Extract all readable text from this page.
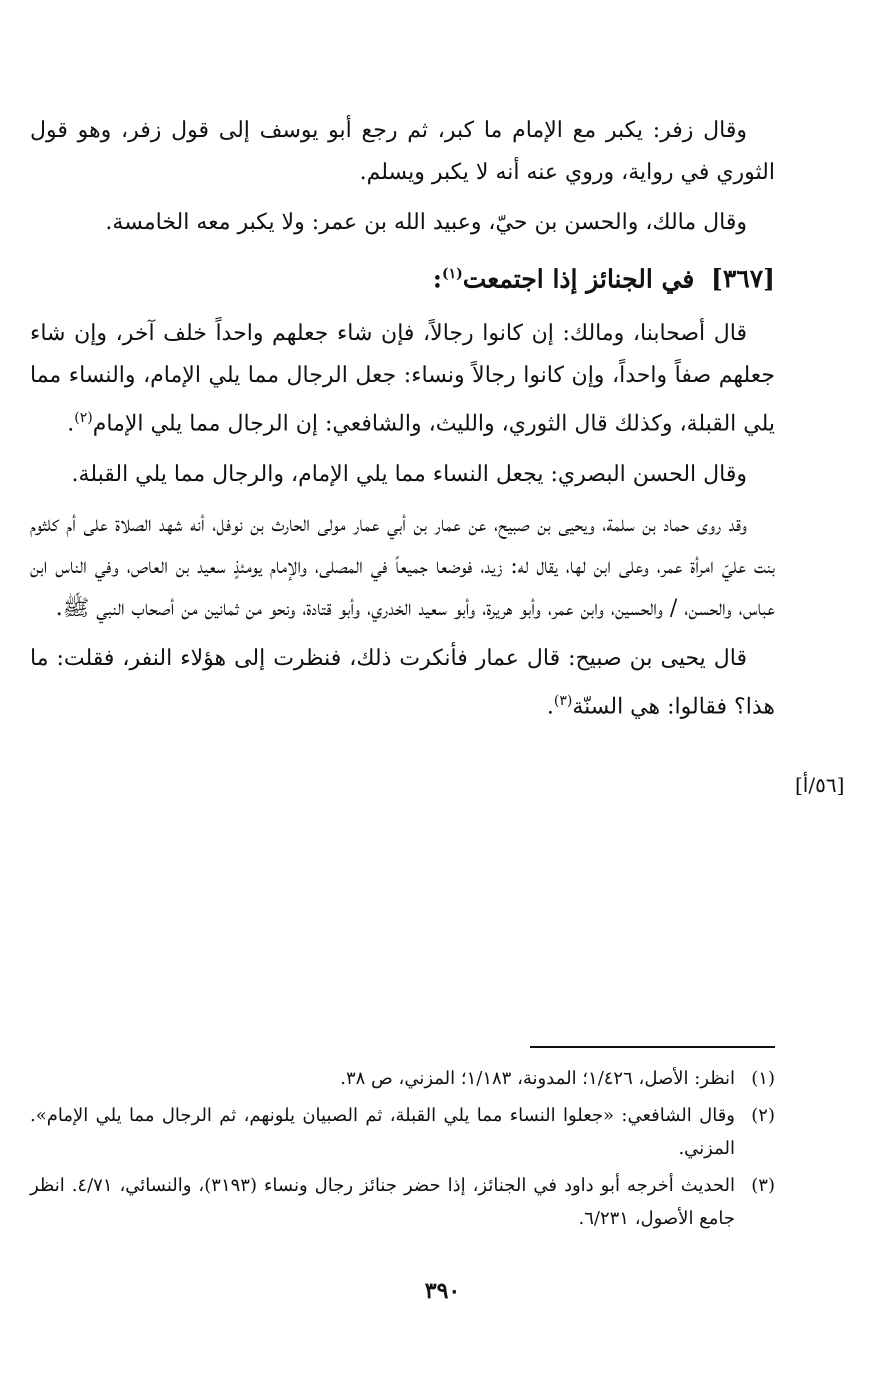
وقال زفر: يكبر مع الإمام ما كبر، ثم رجع أبو يوسف إلى قول زفر، وهو قول الثوري في رواية، وروي عنه أنه لا يكبر ويسلم.

وقال مالك، والحسن بن حيّ، وعبيد الله بن عمر: ولا يكبر معه الخامسة.

[٣٦٧] في الجنائز إذا اجتمعت$^{(١)}$:

قال أصحابنا، ومالك: إن كانوا رجالاً، فإن شاء جعلهم واحداً خلف آخر، وإن شاء جعلهم صفاً واحداً، وإن كانوا رجالاً ونساء: جعل الرجال مما يلي الإمام، والنساء مما يلي القبلة، وكذلك قال الثوري، والليث، والشافعي: إن الرجال مما يلي الإمام$^{(٢)}$.

وقال الحسن البصري: يجعل النساء مما يلي الإمام، والرجال مما يلي القبلة.

وقد روى حماد بن سلمة، ويحيى بن صبيح، عن عمار بن أبي عمار مولى الحارث بن نوفل، أنه شهد الصلاة على أم كلثوم بنت عليّ امرأة عمر، وعلى ابن لها، يقال له: زيد، فوضعا جميعاً في المصلى، والإمام يومئذٍ سعيد بن العاص، وفي الناس ابن عباس، والحسن، / والحسين، وابن عمر، وأبو هريرة، وأبو سعيد الخدري، وأبو قتادة، ونحو من ثمانين من أصحاب النبي ﷺ.

قال يحيى بن صبيح: قال عمار فأنكرت ذلك، فنظرت إلى هؤلاء النفر، فقلت: ما هذا؟ فقالوا: هي السنّة$^{(٣)}$.

[٥٦/أ]
(١)
انظر: الأصل، ١/٤٢٦؛ المدونة، ١/١٨٣؛ المزني، ص ٣٨.
(٢)
وقال الشافعي: «جعلوا النساء مما يلي القبلة، ثم الصبيان يلونهم، ثم الرجال مما يلي الإمام». المزني.
(٣)
الحديث أخرجه أبو داود في الجنائز، إذا حضر جنائز رجال ونساء (٣١٩٣)، والنسائي، ٤/٧١. انظر جامع الأصول، ٦/٢٣١.
٣٩٠
